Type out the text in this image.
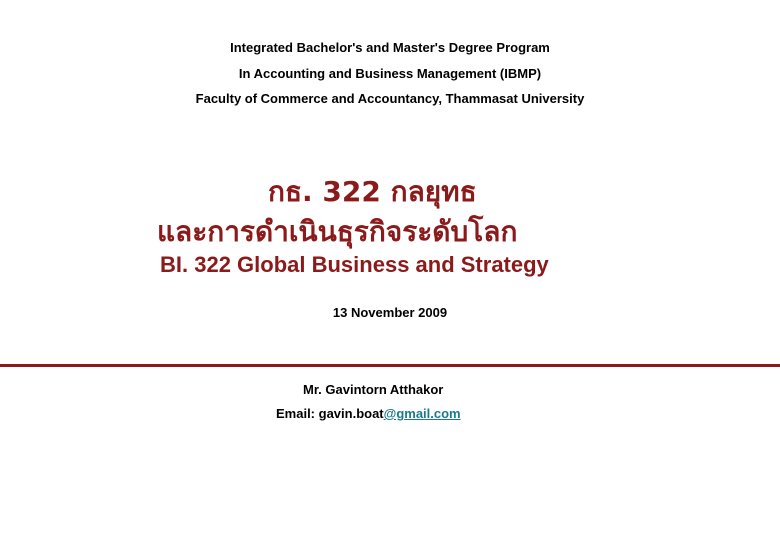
Integrated Bachelor's and Master's Degree Program
In Accounting and Business Management (IBMP)
Faculty of Commerce and Accountancy, Thammasat University
กธ. 322 กลยุทธ
และการดำเนินธุรกิจระดับโลก
BI. 322 Global Business and Strategy
13 November 2009
Mr. Gavintorn Atthakor
Email: gavin.boat@gmail.com
